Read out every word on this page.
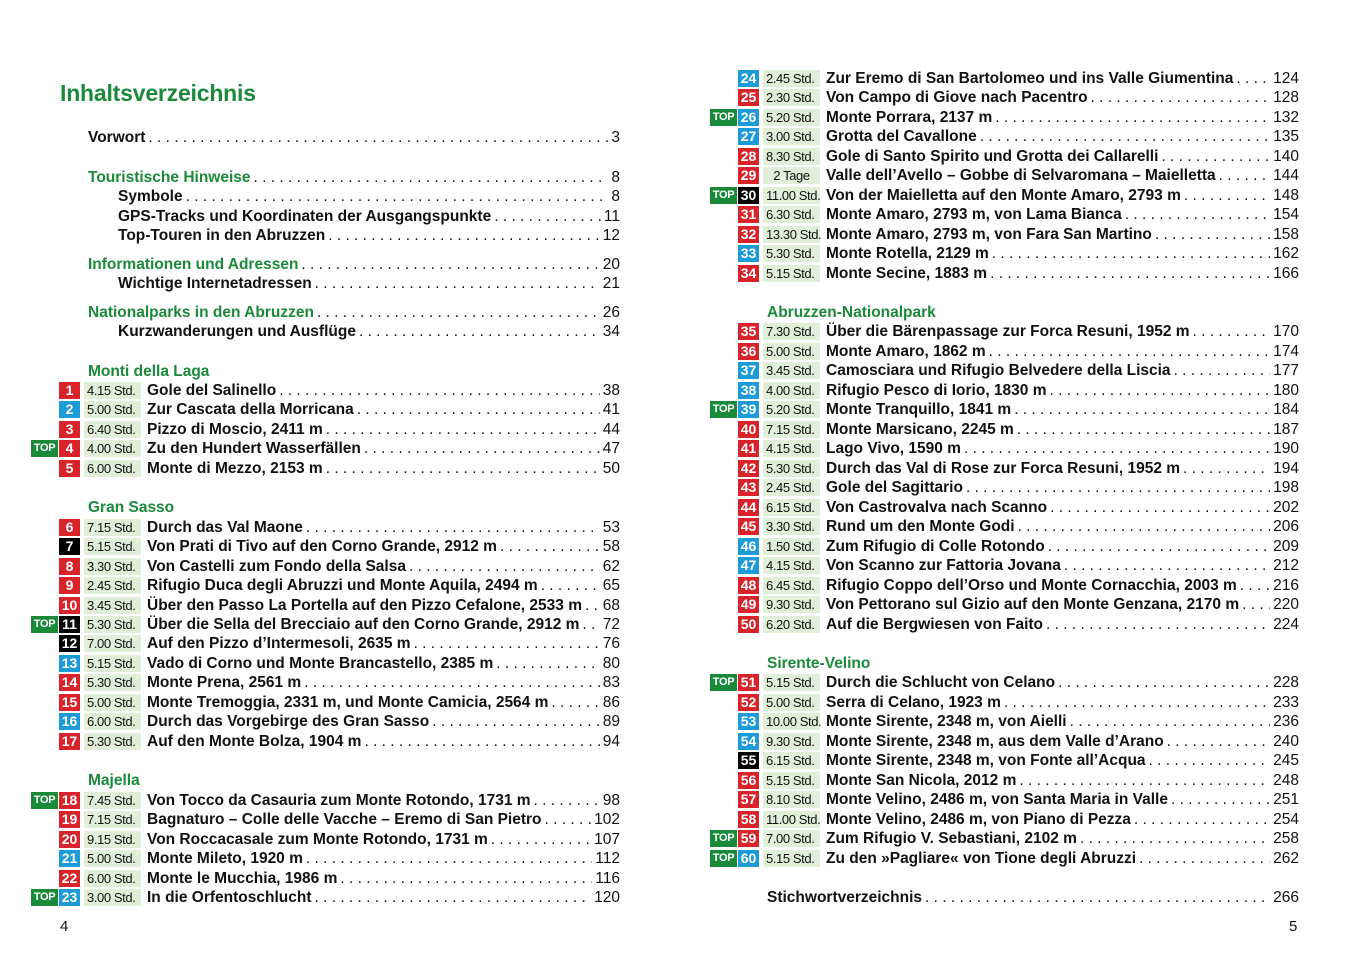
Inhaltsverzeichnis
Vorwort . . .	3
Touristische Hinweise . . .	8
Symbole . . .	8
GPS-Tracks und Koordinaten der Ausgangspunkte . . .	11
Top-Touren in den Abruzzen . . .	12
Informationen und Adressen . . .	20
Wichtige Internetadressen . . .	21
Nationalparks in den Abruzzen . . .	26
Kurzwanderungen und Ausflüge . . .	34
Monti della Laga
Gran Sasso
Majella
1	4.15 Std. Gole del Salinello . . .	38
2	5.00 Std. Zur Cascata della Morricana . . .	41
3	6.40 Std. Pizzo di Moscio, 2411 m . . .	44
TOP 4	4.00 Std. Zu den Hundert Wasserfällen . . .	47
5	6.00 Std. Monte di Mezzo, 2153 m . . .	50
6	7.15 Std. Durch das Val Maone . . .	53
7	5.15 Std. Von Prati di Tivo auf den Corno Grande, 2912 m . . .	58
8	3.30 Std. Von Castelli zum Fondo della Salsa . . .	62
9	2.45 Std. Rifugio Duca degli Abruzzi und Monte Aquila, 2494 m . . .	65
10 3.45 Std. Über den Passo La Portella auf den Pizzo Cefalone, 2533 m . . . 68
TOP 11 5.30 Std. Über die Sella del Brecciaio auf den Corno Grande, 2912 m . . . 72
12 7.00 Std. Auf den Pizzo d’Intermesoli, 2635 m . . .	76
13 5.15 Std. Vado di Corno und Monte Brancastello, 2385 m . . .	80
14 5.30 Std. Monte Prena, 2561 m . . .	83
15 5.00 Std. Monte Tremoggia, 2331 m, und Monte Camicia, 2564 m . . .	86
16 6.00 Std. Durch das Vorgebirge des Gran Sasso . . .	89
17 5.30 Std. Auf den Monte Bolza, 1904 m . . .	94
TOP 18 7.45 Std. Von Tocco da Casauria zum Monte Rotondo, 1731 m . . .	98
19 7.15 Std. Bagnaturo – Colle delle Vacche – Eremo di San Pietro . . .	102
20 9.15 Std. Von Roccacasale zum Monte Rotondo, 1731 m . . .	107
21 5.00 Std. Monte Mileto, 1920 m . . .	112
22 6.00 Std. Monte le Mucchia, 1986 m . . .	116
TOP 23 3.00 Std. In die Orfentoschlucht . . .	120
Abruzzen-Nationalpark
Sirente-Velino
24 2.45 Std. Zur Eremo di San Bartolomeo und ins Valle Giumentina . . .	124
25 2.30 Std. Von Campo di Giove nach Pacentro . . .	128
TOP 26 5.20 Std. Monte Porrara, 2137 m . . .	132
27 3.00 Std. Grotta del Cavallone . . .	135
28 8.30 Std. Gole di Santo Spirito und Grotta dei Callarelli . . .	140
29	2 Tage	Valle dell’Avello – Gobbe di Selvaromana – Maielletta . . .	144
TOP 30 11.00 Std. Von der Maielletta auf den Monte Amaro, 2793 m . . .	148
31 6.30 Std. Monte Amaro, 2793 m, von Lama Bianca . . .	154
32 13.30 Std. Monte Amaro, 2793 m, von Fara San Martino . . .	158
33 5.30 Std. Monte Rotella, 2129 m . . .	162
34 5.15 Std. Monte Secine, 1883 m . . .	166
35 7.30 Std. Über die Bärenpassage zur Forca Resuni, 1952 m . . .	170
36 5.00 Std. Monte Amaro, 1862 m . . .	174
37 3.45 Std. Camosciara und Rifugio Belvedere della Liscia . . .	177
38 4.00 Std. Rifugio Pesco di Iorio, 1830 m . . .	180
TOP 39 5.20 Std. Monte Tranquillo, 1841 m . . .	184
40 7.15 Std. Monte Marsicano, 2245 m . . .	187
41 4.15 Std. Lago Vivo, 1590 m . . .	190
42 5.30 Std. Durch das Val di Rose zur Forca Resuni, 1952 m . . .	194
43 2.45 Std. Gole del Sagittario . . .	198
44 6.15 Std. Von Castrovalva nach Scanno . . .	202
45 3.30 Std. Rund um den Monte Godi . . .	206
46 1.50 Std. Zum Rifugio di Colle Rotondo . . .	209
47 4.15 Std. Von Scanno zur Fattoria Jovana . . .	212
48 6.45 Std. Rifugio Coppo dell’Orso und Monte Cornacchia, 2003 m . . . 216
49 9.30 Std. Von Pettorano sul Gizio auf den Monte Genzana, 2170 m . . . 220
50 6.20 Std. Auf die Bergwiesen von Faito . . .	224
TOP 51 5.15 Std. Durch die Schlucht von Celano . . .	228
52 5.00 Std. Serra di Celano, 1923 m . . .	233
53 10.00 Std. Monte Sirente, 2348 m, von Aielli . . .	236
54 9.30 Std. Monte Sirente, 2348 m, aus dem Valle d’Arano . . .	240
55 6.15 Std. Monte Sirente, 2348 m, von Fonte all’Acqua . . .	245
56 5.15 Std. Monte San Nicola, 2012 m . . .	248
57 8.10 Std. Monte Velino, 2486 m, von Santa Maria in Valle . . .	251
58 11.00 Std. Monte Velino, 2486 m, von Piano di Pezza . . .	254
TOP 59 7.00 Std. Zum Rifugio V. Sebastiani, 2102 m . . .	258
TOP 60 5.15 Std. Zu den »Pagliare« von Tione degli Abruzzi . . .	262
Stichwortverzeichnis . . .	266
4	5
